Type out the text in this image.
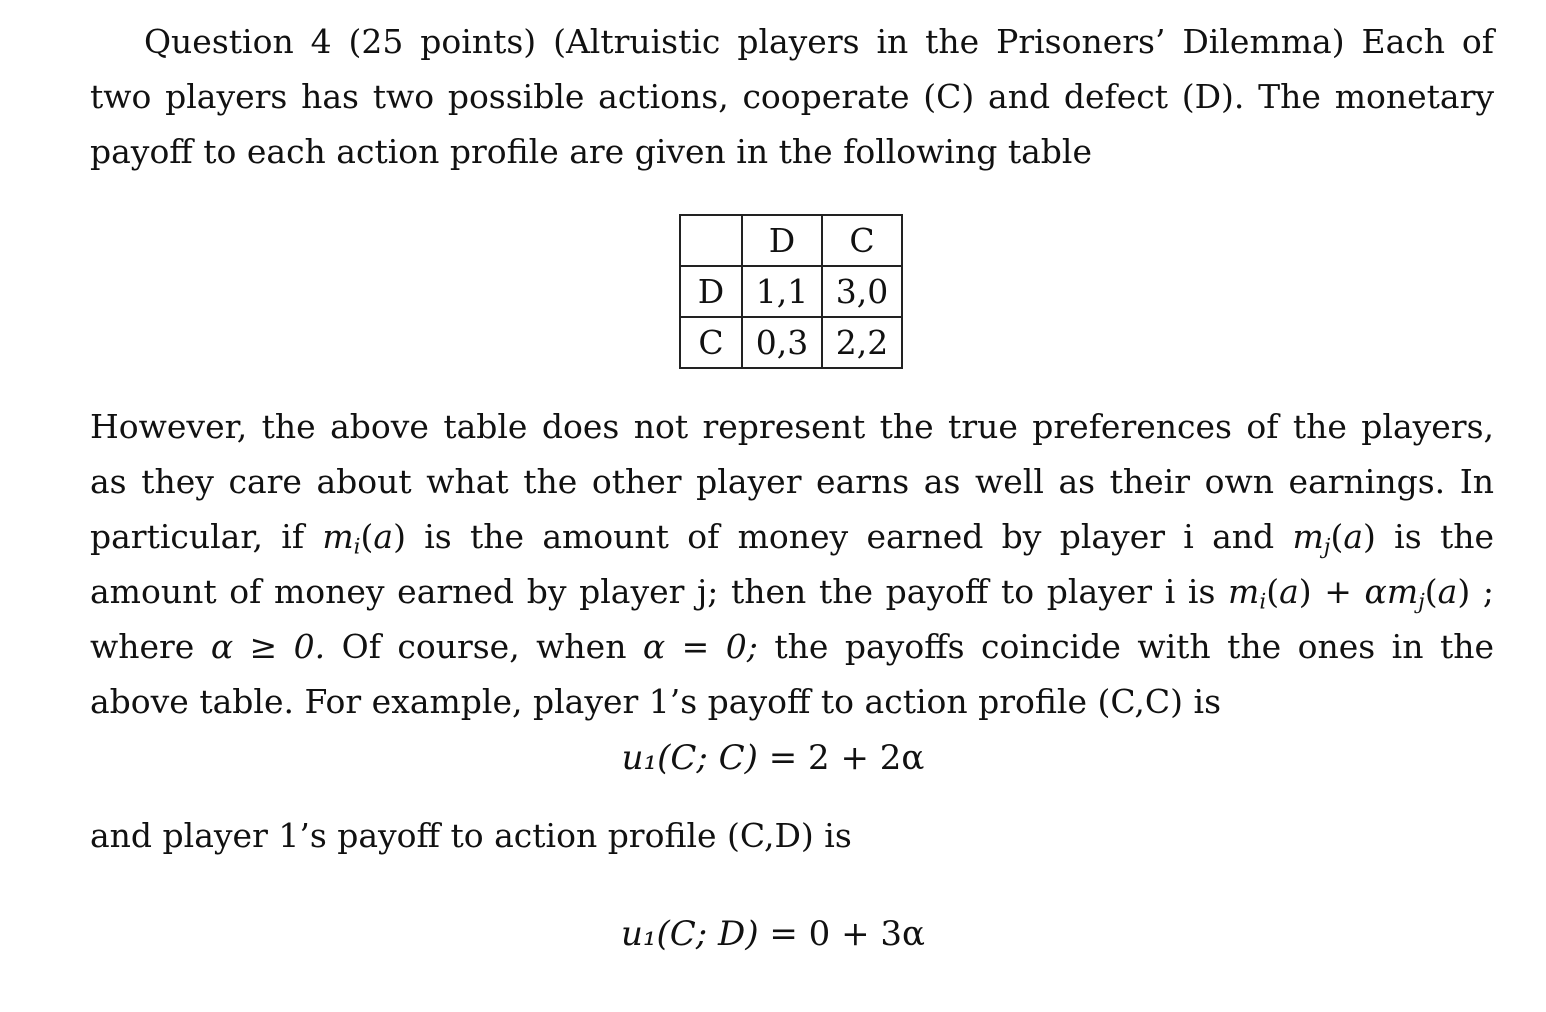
Question 4 (25 points) (Altruistic players in the Prisoners’ Dilemma) Each of two players has two possible actions, cooperate (C) and defect (D). The monetary payoff to each action profile are given in the following table

	D	C
D	1,1	3,0
C	0,3	2,2

However, the above table does not represent the true preferences of the players, as they care about what the other player earns as well as their own earnings. In particular, if $m_i(a)$ is the amount of money earned by player i and $m_j(a)$ is the amount of money earned by player j; then the payoff to player i is $m_i(a) + \alpha m_j(a)$ ; where α ≥ 0. Of course, when α = 0; the payoffs coincide with the ones in the above table. For example, player 1’s payoff to action profile (C,C) is

u₁(C; C) = 2 + 2α

and player 1’s payoff to action profile (C,D) is

u₁(C; D) = 0 + 3α
